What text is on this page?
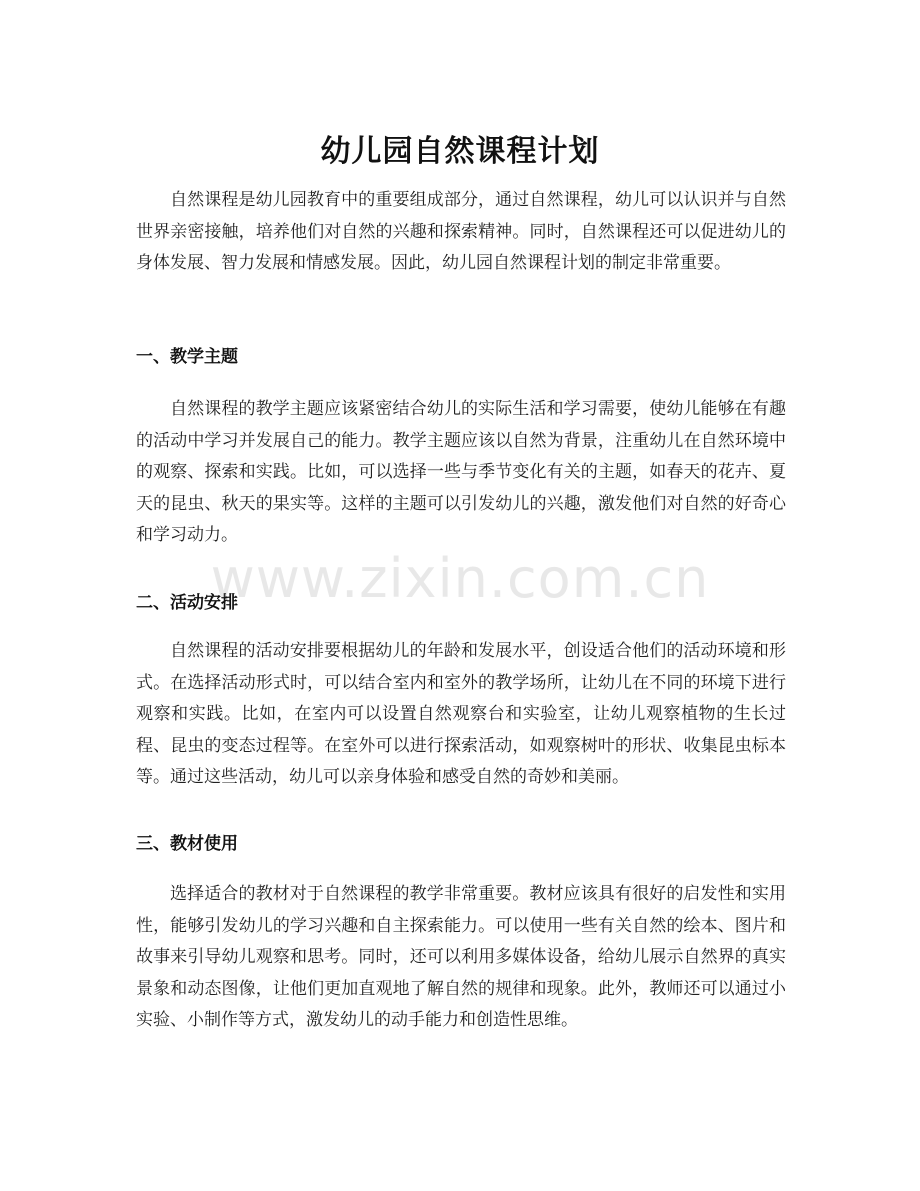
幼儿园自然课程计划

自然课程是幼儿园教育中的重要组成部分，通过自然课程，幼儿可以认识并与自然世界亲密接触，培养他们对自然的兴趣和探索精神。同时，自然课程还可以促进幼儿的身体发展、智力发展和情感发展。因此，幼儿园自然课程计划的制定非常重要。

一、教学主题

自然课程的教学主题应该紧密结合幼儿的实际生活和学习需要，使幼儿能够在有趣的活动中学习并发展自己的能力。教学主题应该以自然为背景，注重幼儿在自然环境中的观察、探索和实践。比如，可以选择一些与季节变化有关的主题，如春天的花卉、夏天的昆虫、秋天的果实等。这样的主题可以引发幼儿的兴趣，激发他们对自然的好奇心和学习动力。

二、活动安排

自然课程的活动安排要根据幼儿的年龄和发展水平，创设适合他们的活动环境和形式。在选择活动形式时，可以结合室内和室外的教学场所，让幼儿在不同的环境下进行观察和实践。比如，在室内可以设置自然观察台和实验室，让幼儿观察植物的生长过程、昆虫的变态过程等。在室外可以进行探索活动，如观察树叶的形状、收集昆虫标本等。通过这些活动，幼儿可以亲身体验和感受自然的奇妙和美丽。

三、教材使用

选择适合的教材对于自然课程的教学非常重要。教材应该具有很好的启发性和实用性，能够引发幼儿的学习兴趣和自主探索能力。可以使用一些有关自然的绘本、图片和故事来引导幼儿观察和思考。同时，还可以利用多媒体设备，给幼儿展示自然界的真实景象和动态图像，让他们更加直观地了解自然的规律和现象。此外，教师还可以通过小实验、小制作等方式，激发幼儿的动手能力和创造性思维。

www.zixin.com.cn
